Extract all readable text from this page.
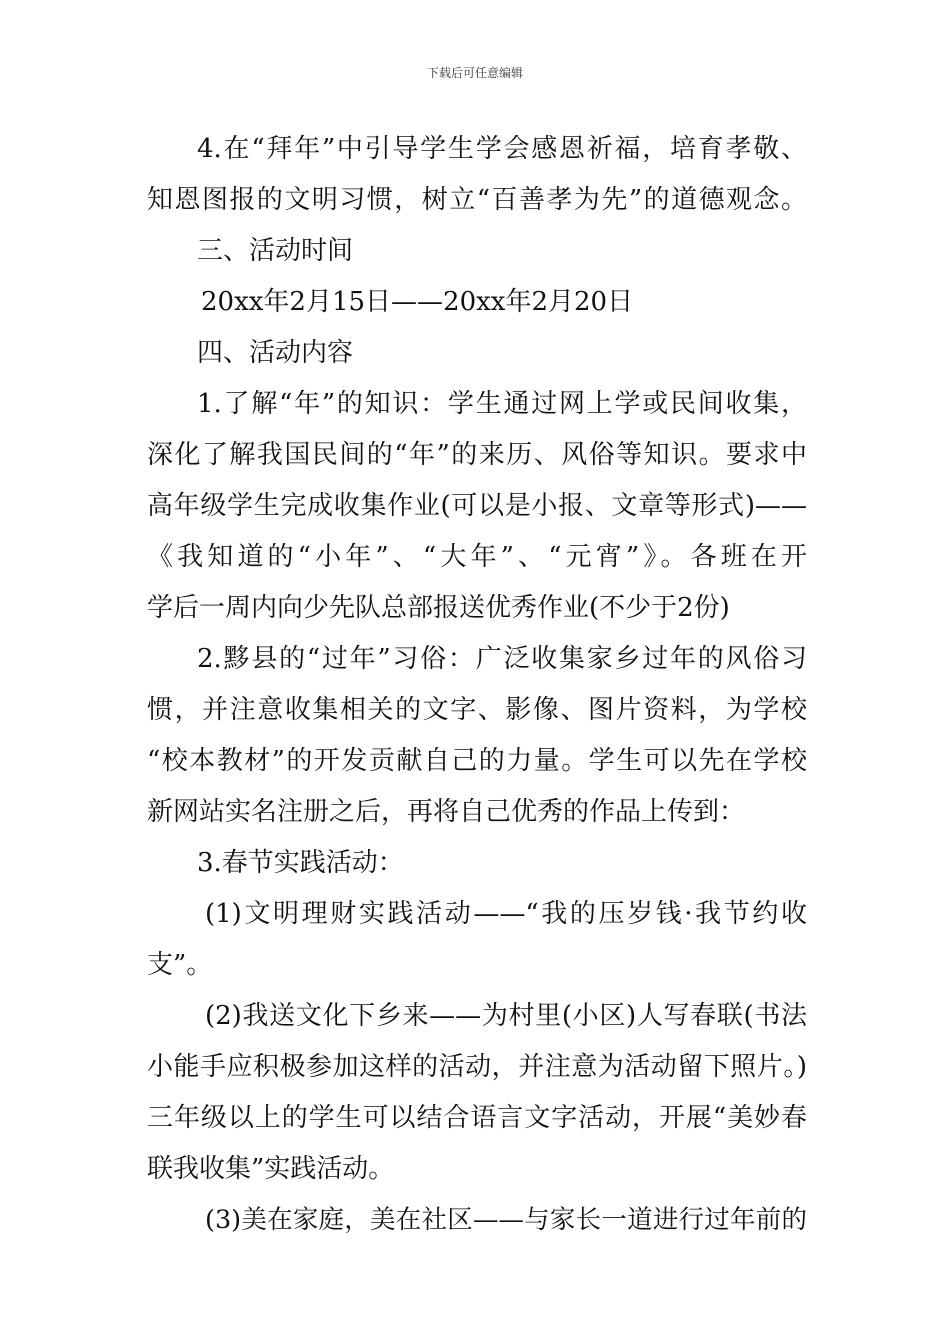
下载后可任意编辑
4.在“拜年”中引导学生学会感恩祈福，培育孝敬、
知恩图报的文明习惯，树立“百善孝为先”的道德观念。
三、活动时间
20xx年2月15日——20xx年2月20日
四、活动内容
1.了解“年”的知识：学生通过网上学或民间收集，
深化了解我国民间的“年”的来历、风俗等知识。要求中
高年级学生完成收集作业(可以是小报、文章等形式)——
《我知道的“小年”、“大年”、“元宵”》。各班在开
学后一周内向少先队总部报送优秀作业(不少于2份)
2.黟县的“过年”习俗：广泛收集家乡过年的风俗习
惯，并注意收集相关的文字、影像、图片资料，为学校
“校本教材”的开发贡献自己的力量。学生可以先在学校
新网站实名注册之后，再将自己优秀的作品上传到：
3.春节实践活动：
(1)文明理财实践活动——“我的压岁钱·我节约收
支”。
(2)我送文化下乡来——为村里(小区)人写春联(书法
小能手应积极参加这样的活动，并注意为活动留下照片。)
三年级以上的学生可以结合语言文字活动，开展“美妙春
联我收集”实践活动。
(3)美在家庭，美在社区——与家长一道进行过年前的
